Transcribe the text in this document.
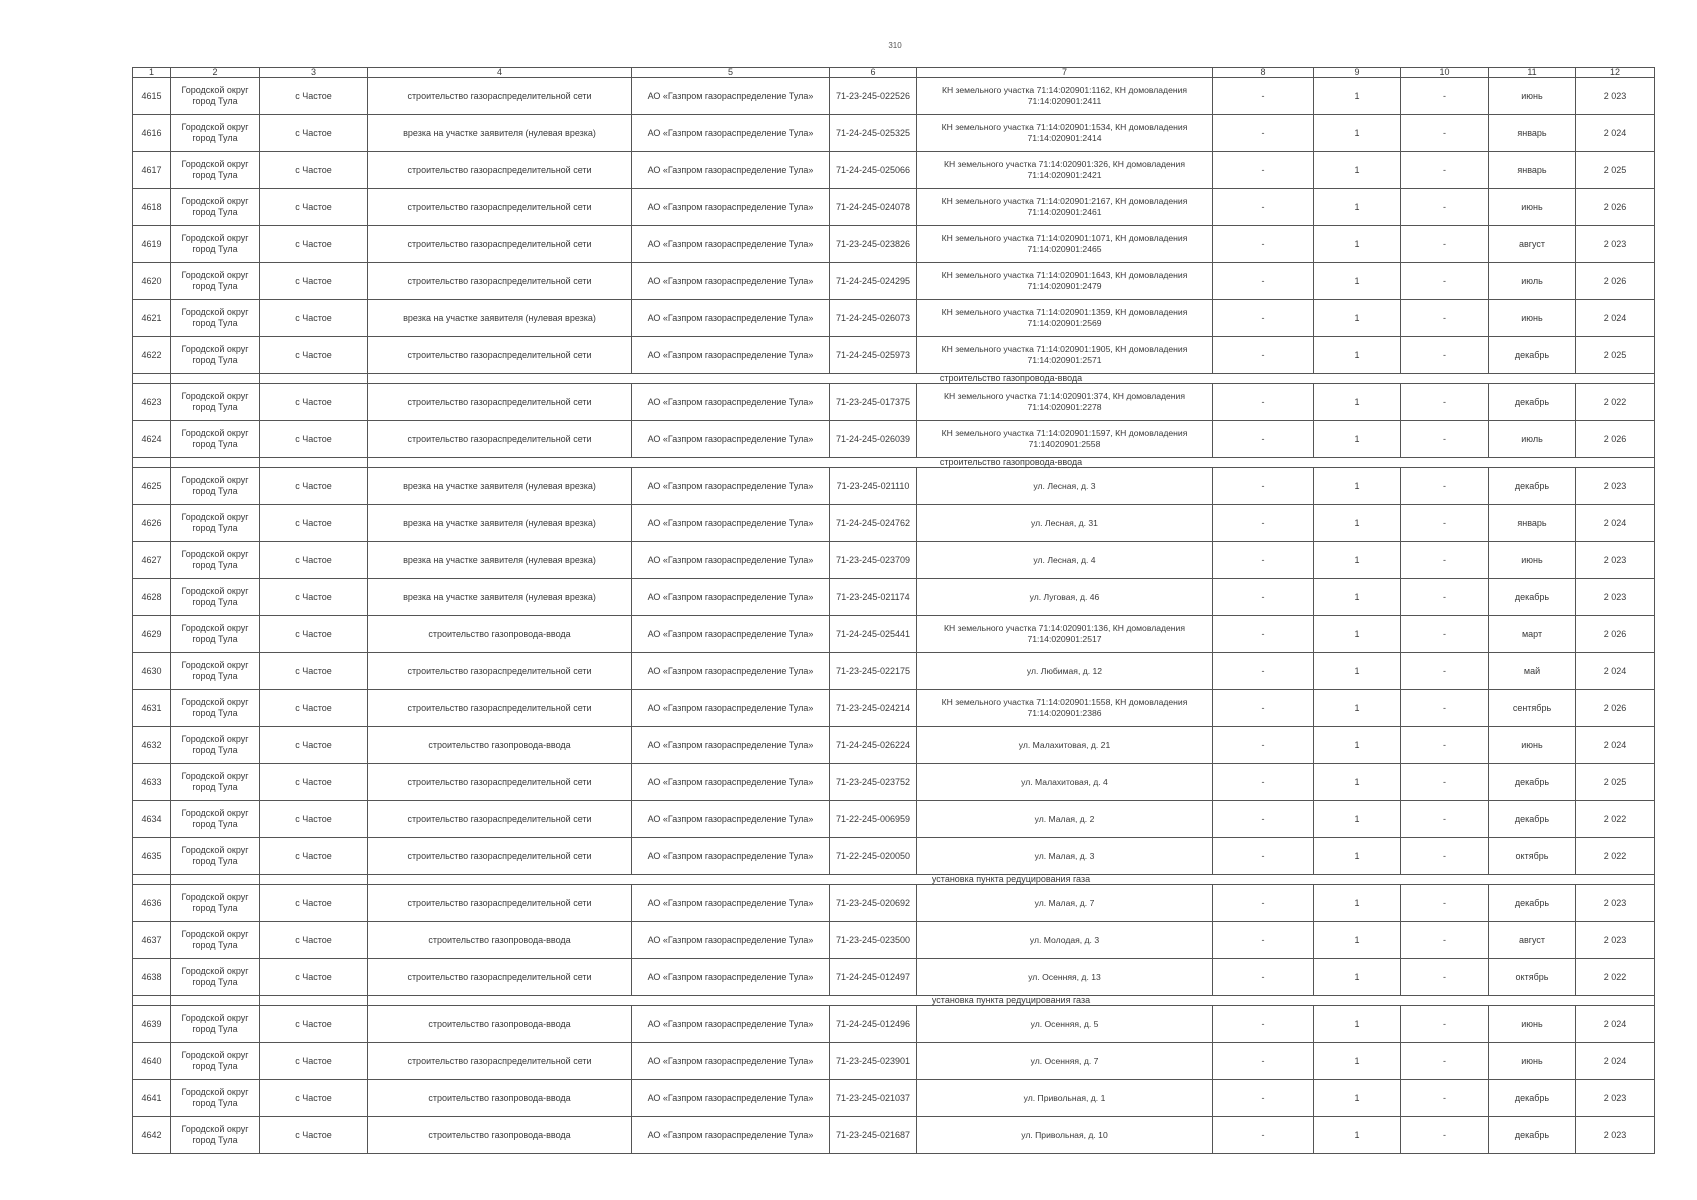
310
1	2	3	4	5	6	7	8	9	10	11	12
4615	Городской округ город Тула	с Частое	строительство газораспределительной сети	АО «Газпром газораспределение Тула»	71-23-245-022526	КН земельного участка 71:14:020901:1162, КН домовладения 71:14:020901:2411	-	1	-	июнь	2 023
4616	Городской округ город Тула	с Частое	врезка на участке заявителя (нулевая врезка)	АО «Газпром газораспределение Тула»	71-24-245-025325	КН земельного участка 71:14:020901:1534, КН домовладения 71:14:020901:2414	-	1	-	январь	2 024
4617	Городской округ город Тула	с Частое	строительство газораспределительной сети	АО «Газпром газораспределение Тула»	71-24-245-025066	КН земельного участка 71:14:020901:326, КН домовладения 71:14:020901:2421	-	1	-	январь	2 025
4618	Городской округ город Тула	с Частое	строительство газораспределительной сети	АО «Газпром газораспределение Тула»	71-24-245-024078	КН земельного участка 71:14:020901:2167, КН домовладения 71:14:020901:2461	-	1	-	июнь	2 026
4619	Городской округ город Тула	с Частое	строительство газораспределительной сети	АО «Газпром газораспределение Тула»	71-23-245-023826	КН земельного участка 71:14:020901:1071, КН домовладения 71:14:020901:2465	-	1	-	август	2 023
4620	Городской округ город Тула	с Частое	строительство газораспределительной сети	АО «Газпром газораспределение Тула»	71-24-245-024295	КН земельного участка 71:14:020901:1643, КН домовладения 71:14:020901:2479	-	1	-	июль	2 026
4621	Городской округ город Тула	с Частое	врезка на участке заявителя (нулевая врезка)	АО «Газпром газораспределение Тула»	71-24-245-026073	КН земельного участка 71:14:020901:1359, КН домовладения 71:14:020901:2569	-	1	-	июнь	2 024
4622	Городской округ город Тула	с Частое	строительство газораспределительной сети	АО «Газпром газораспределение Тула»	71-24-245-025973	КН земельного участка 71:14:020901:1905, КН домовладения 71:14:020901:2571	-	1	-	декабрь	2 025
			строительство газопровода-ввода								
4623	Городской округ город Тула	с Частое	строительство газораспределительной сети	АО «Газпром газораспределение Тула»	71-23-245-017375	КН земельного участка 71:14:020901:374, КН домовладения 71:14:020901:2278	-	1	-	декабрь	2 022
4624	Городской округ город Тула	с Частое	строительство газораспределительной сети	АО «Газпром газораспределение Тула»	71-24-245-026039	КН земельного участка 71:14:020901:1597, КН домовладения 71:14020901:2558	-	1	-	июль	2 026
			строительство газопровода-ввода								
4625	Городской округ город Тула	с Частое	врезка на участке заявителя (нулевая врезка)	АО «Газпром газораспределение Тула»	71-23-245-021110	ул. Лесная, д. 3	-	1	-	декабрь	2 023
4626	Городской округ город Тула	с Частое	врезка на участке заявителя (нулевая врезка)	АО «Газпром газораспределение Тула»	71-24-245-024762	ул. Лесная, д. 31	-	1	-	январь	2 024
4627	Городской округ город Тула	с Частое	врезка на участке заявителя (нулевая врезка)	АО «Газпром газораспределение Тула»	71-23-245-023709	ул. Лесная, д. 4	-	1	-	июнь	2 023
4628	Городской округ город Тула	с Частое	врезка на участке заявителя (нулевая врезка)	АО «Газпром газораспределение Тула»	71-23-245-021174	ул. Луговая, д. 46	-	1	-	декабрь	2 023
4629	Городской округ город Тула	с Частое	строительство газопровода-ввода	АО «Газпром газораспределение Тула»	71-24-245-025441	КН земельного участка 71:14:020901:136, КН домовладения 71:14:020901:2517	-	1	-	март	2 026
4630	Городской округ город Тула	с Частое	строительство газораспределительной сети	АО «Газпром газораспределение Тула»	71-23-245-022175	ул. Любимая, д. 12	-	1	-	май	2 024
4631	Городской округ город Тула	с Частое	строительство газораспределительной сети	АО «Газпром газораспределение Тула»	71-23-245-024214	КН земельного участка 71:14:020901:1558, КН домовладения 71:14:020901:2386	-	1	-	сентябрь	2 026
4632	Городской округ город Тула	с Частое	строительство газопровода-ввода	АО «Газпром газораспределение Тула»	71-24-245-026224	ул. Малахитовая, д. 21	-	1	-	июнь	2 024
4633	Городской округ город Тула	с Частое	строительство газораспределительной сети	АО «Газпром газораспределение Тула»	71-23-245-023752	ул. Малахитовая, д. 4	-	1	-	декабрь	2 025
4634	Городской округ город Тула	с Частое	строительство газораспределительной сети	АО «Газпром газораспределение Тула»	71-22-245-006959	ул. Малая, д. 2	-	1	-	декабрь	2 022
4635	Городской округ город Тула	с Частое	строительство газораспределительной сети	АО «Газпром газораспределение Тула»	71-22-245-020050	ул. Малая, д. 3	-	1	-	октябрь	2 022
			установка пункта редуцирования газа								
4636	Городской округ город Тула	с Частое	строительство газораспределительной сети	АО «Газпром газораспределение Тула»	71-23-245-020692	ул. Малая, д. 7	-	1	-	декабрь	2 023
4637	Городской округ город Тула	с Частое	строительство газопровода-ввода	АО «Газпром газораспределение Тула»	71-23-245-023500	ул. Молодая, д. 3	-	1	-	август	2 023
4638	Городской округ город Тула	с Частое	строительство газораспределительной сети	АО «Газпром газораспределение Тула»	71-24-245-012497	ул. Осенняя, д. 13	-	1	-	октябрь	2 022
			установка пункта редуцирования газа								
4639	Городской округ город Тула	с Частое	строительство газопровода-ввода	АО «Газпром газораспределение Тула»	71-24-245-012496	ул. Осенняя, д. 5	-	1	-	июнь	2 024
4640	Городской округ город Тула	с Частое	строительство газораспределительной сети	АО «Газпром газораспределение Тула»	71-23-245-023901	ул. Осенняя, д. 7	-	1	-	июнь	2 024
4641	Городской округ город Тула	с Частое	строительство газопровода-ввода	АО «Газпром газораспределение Тула»	71-23-245-021037	ул. Привольная, д. 1	-	1	-	декабрь	2 023
4642	Городской округ город Тула	с Частое	строительство газопровода-ввода	АО «Газпром газораспределение Тула»	71-23-245-021687	ул. Привольная, д. 10	-	1	-	декабрь	2 023
